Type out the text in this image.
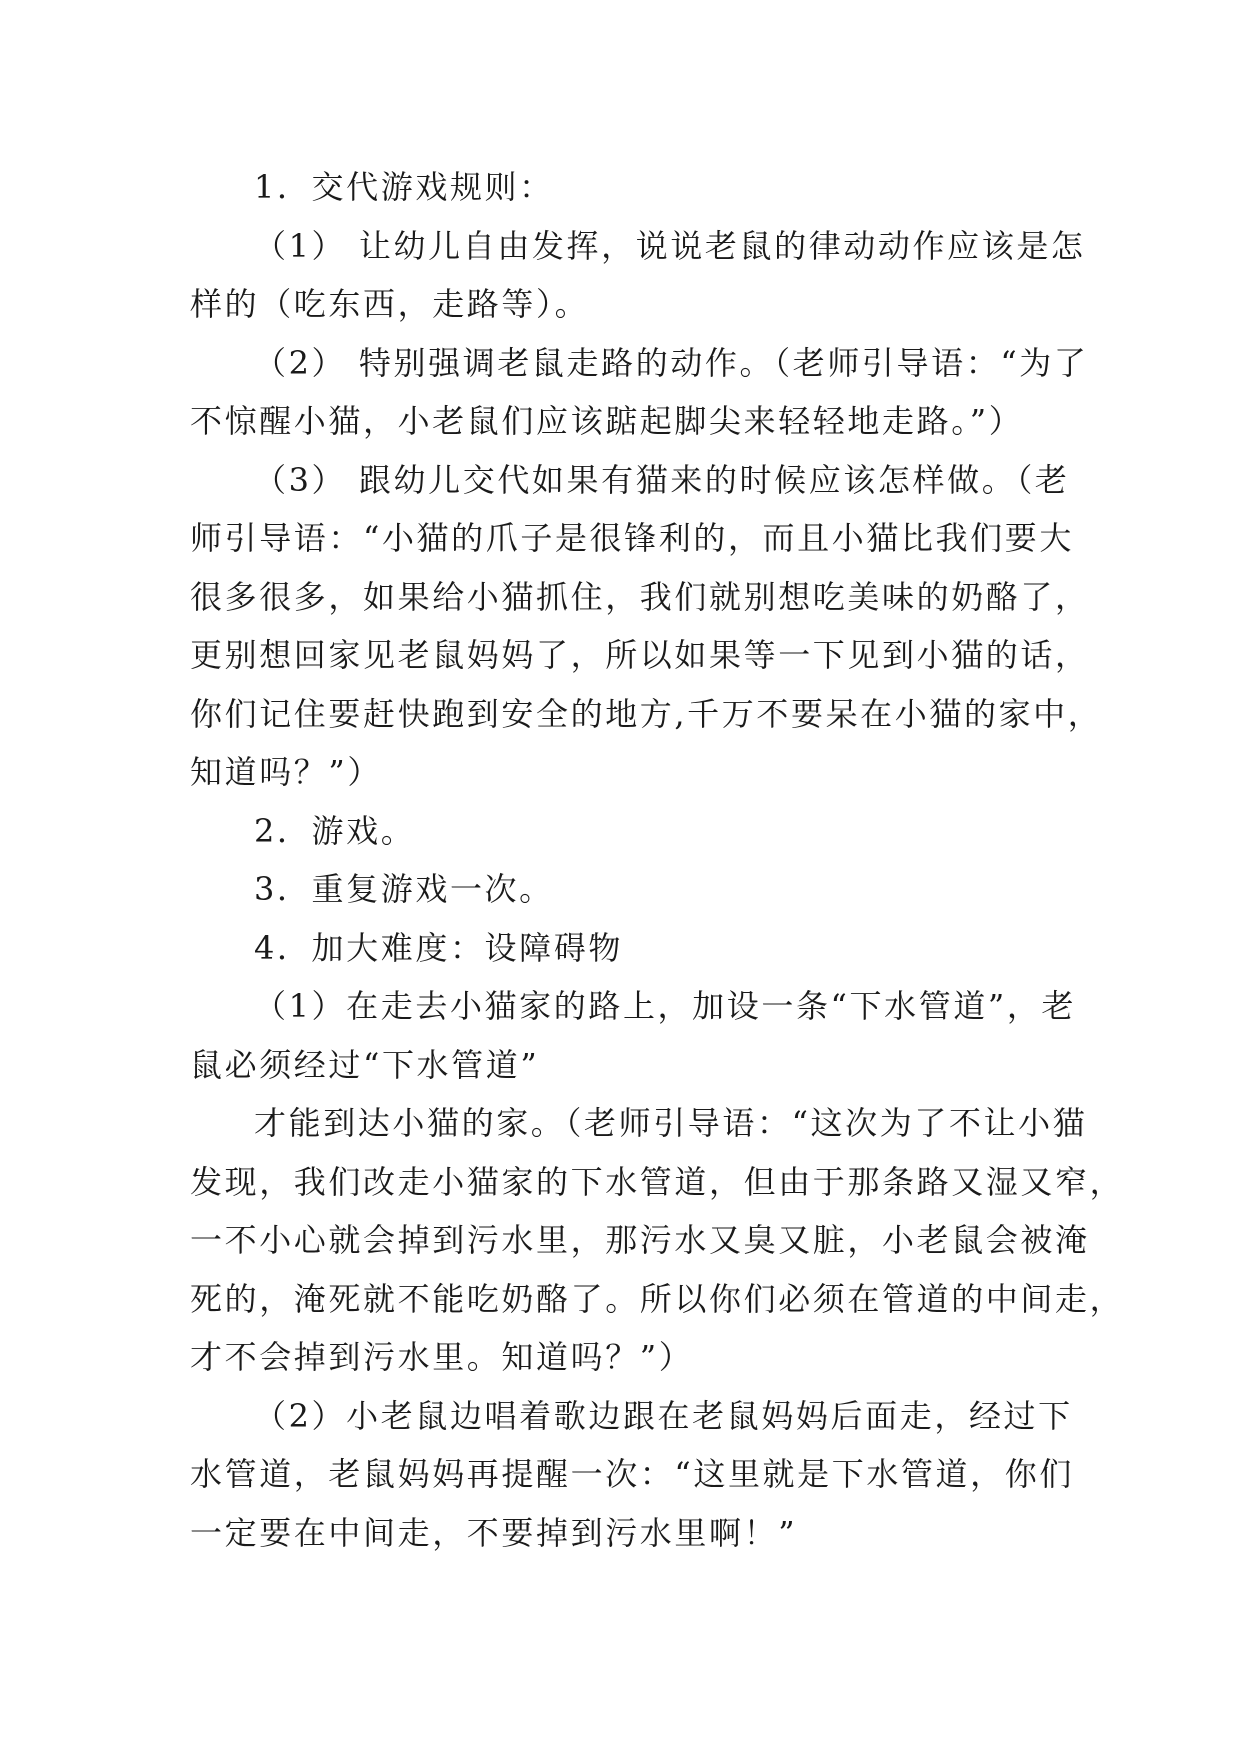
1．交代游戏规则：
（1） 让幼儿自由发挥，说说老鼠的律动动作应该是怎
样的（吃东西，走路等）。
（2） 特别强调老鼠走路的动作。（老师引导语：“为了
不惊醒小猫，小老鼠们应该踮起脚尖来轻轻地走路。”）
（3） 跟幼儿交代如果有猫来的时候应该怎样做。（老
师引导语：“小猫的爪子是很锋利的，而且小猫比我们要大
很多很多，如果给小猫抓住，我们就别想吃美味的奶酪了，
更别想回家见老鼠妈妈了，所以如果等一下见到小猫的话，
你们记住要赶快跑到安全的地方,千万不要呆在小猫的家中，
知道吗？”）
2．游戏。
3．重复游戏一次。
4．加大难度：设障碍物
（1）在走去小猫家的路上，加设一条“下水管道”，老
鼠必须经过“下水管道”
才能到达小猫的家。（老师引导语：“这次为了不让小猫
发现，我们改走小猫家的下水管道，但由于那条路又湿又窄，
一不小心就会掉到污水里，那污水又臭又脏，小老鼠会被淹
死的，淹死就不能吃奶酪了。所以你们必须在管道的中间走，
才不会掉到污水里。知道吗？”）
（2）小老鼠边唱着歌边跟在老鼠妈妈后面走，经过下
水管道，老鼠妈妈再提醒一次：“这里就是下水管道，你们
一定要在中间走，不要掉到污水里啊！”
